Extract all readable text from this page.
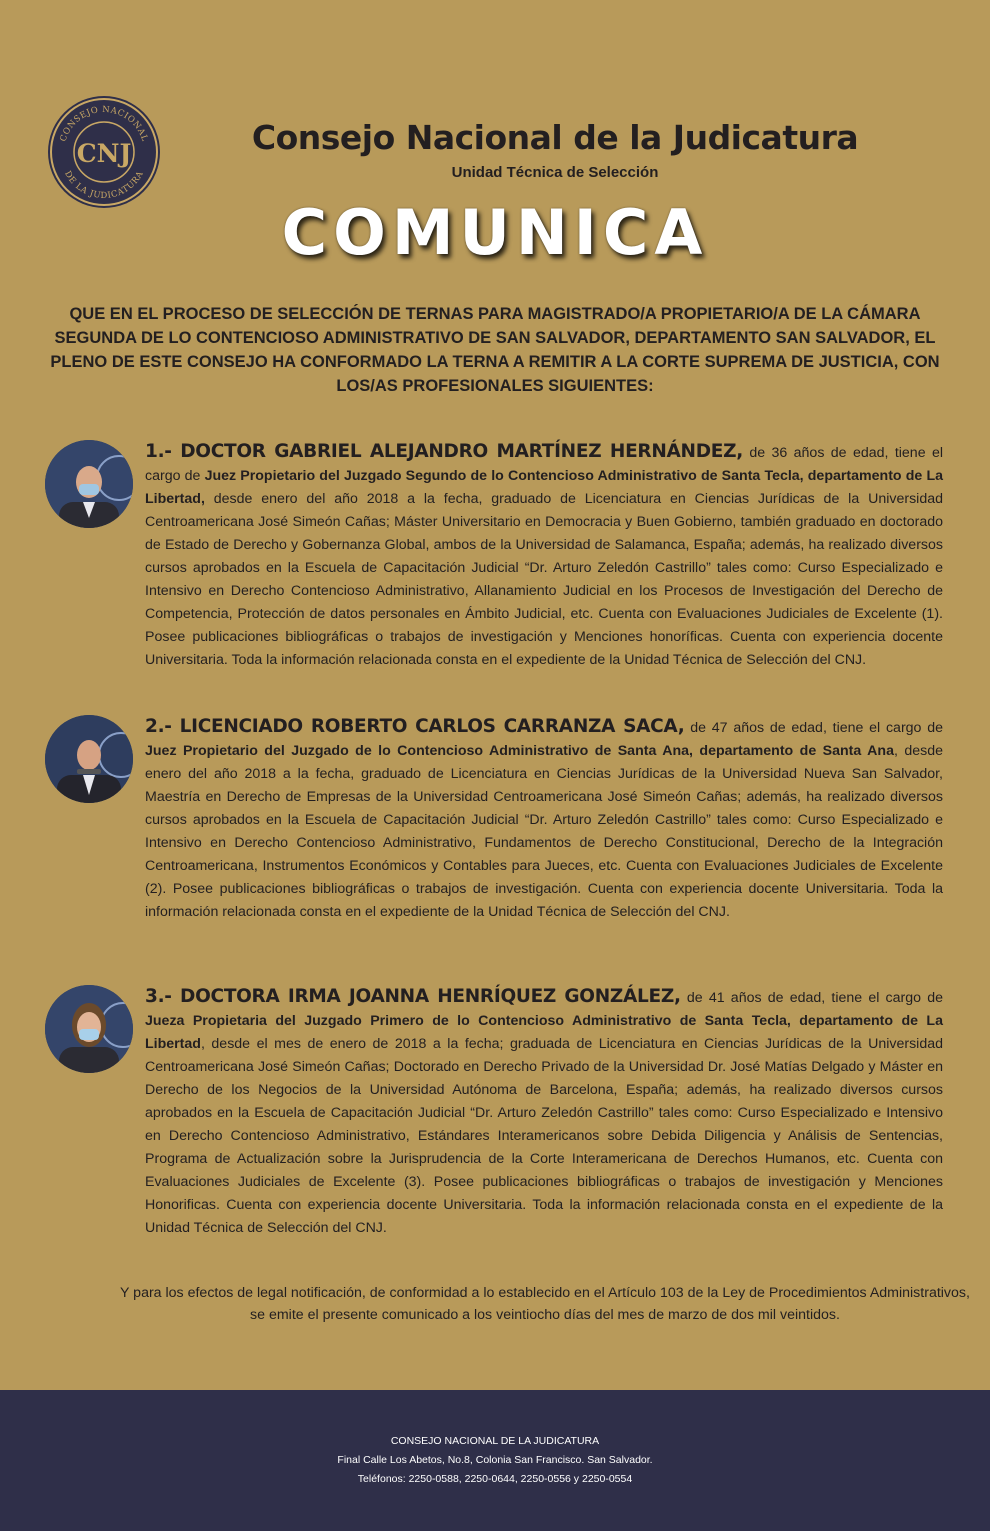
CONSEJO NACIONAL
DE LA JUDICATURA
CNJ	Consejo Nacional de la Judicatura
Unidad Técnica de Selección
COMUNICA
QUE EN EL PROCESO DE SELECCIÓN DE TERNAS PARA MAGISTRADO/A PROPIETARIO/A DE LA CÁMARA SEGUNDA DE LO CONTENCIOSO ADMINISTRATIVO DE SAN SALVADOR, DEPARTAMENTO SAN SALVADOR, EL PLENO DE ESTE CONSEJO HA CONFORMADO LA TERNA A REMITIR A LA CORTE SUPREMA DE JUSTICIA, CON LOS/AS PROFESIONALES SIGUIENTES:
1.- DOCTOR GABRIEL ALEJANDRO MARTÍNEZ HERNÁNDEZ, de 36 años de edad, tiene el cargo de Juez Propietario del Juzgado Segundo de lo Contencioso Administrativo de Santa Tecla, departamento de La Libertad, desde enero del año 2018 a la fecha, graduado de Licenciatura en Ciencias Jurídicas de la Universidad Centroamericana José Simeón Cañas; Máster Universitario en Democracia y Buen Gobierno, también graduado en doctorado de Estado de Derecho y Gobernanza Global, ambos de la Universidad de Salamanca, España; además, ha realizado diversos cursos aprobados en la Escuela de Capacitación Judicial “Dr. Arturo Zeledón Castrillo” tales como: Curso Especializado e Intensivo en Derecho Contencioso Administrativo, Allanamiento Judicial en los Procesos de Investigación del Derecho de Competencia, Protección de datos personales en Ámbito Judicial, etc. Cuenta con Evaluaciones Judiciales de Excelente (1). Posee publicaciones bibliográficas o trabajos de investigación y Menciones honoríficas. Cuenta con experiencia docente Universitaria. Toda la información relacionada consta en el expediente de la Unidad Técnica de Selección del CNJ.
2.- LICENCIADO ROBERTO CARLOS CARRANZA SACA, de 47 años de edad, tiene el cargo de Juez Propietario del Juzgado de lo Contencioso Administrativo de Santa Ana, departamento de Santa Ana, desde enero del año 2018 a la fecha, graduado de Licenciatura en Ciencias Jurídicas de la Universidad Nueva San Salvador, Maestría en Derecho de Empresas de la Universidad Centroamericana José Simeón Cañas; además, ha realizado diversos cursos aprobados en la Escuela de Capacitación Judicial “Dr. Arturo Zeledón Castrillo” tales como: Curso Especializado e Intensivo en Derecho Contencioso Administrativo, Fundamentos de Derecho Constitucional, Derecho de la Integración Centroamericana, Instrumentos Económicos y Contables para Jueces, etc. Cuenta con Evaluaciones Judiciales de Excelente (2). Posee publicaciones bibliográficas o trabajos de investigación. Cuenta con experiencia docente Universitaria. Toda la información relacionada consta en el expediente de la Unidad Técnica de Selección del CNJ.
3.- DOCTORA IRMA JOANNA HENRÍQUEZ GONZÁLEZ, de 41 años de edad, tiene el cargo de Jueza Propietaria del Juzgado Primero de lo Contencioso Administrativo de Santa Tecla, departamento de La Libertad, desde el mes de enero de 2018 a la fecha; graduada de Licenciatura en Ciencias Jurídicas de la Universidad Centroamericana José Simeón Cañas; Doctorado en Derecho Privado de la Universidad Dr. José Matías Delgado y Máster en Derecho de los Negocios de la Universidad Autónoma de Barcelona, España; además, ha realizado diversos cursos aprobados en la Escuela de Capacitación Judicial “Dr. Arturo Zeledón Castrillo” tales como: Curso Especializado e Intensivo en Derecho Contencioso Administrativo, Estándares Interamericanos sobre Debida Diligencia y Análisis de Sentencias, Programa de Actualización sobre la Jurisprudencia de la Corte Interamericana de Derechos Humanos, etc. Cuenta con Evaluaciones Judiciales de Excelente (3). Posee publicaciones bibliográficas o trabajos de investigación y Menciones Honorificas. Cuenta con experiencia docente Universitaria. Toda la información relacionada consta en el expediente de la Unidad Técnica de Selección del CNJ.
Y para los efectos de legal notificación, de conformidad a lo establecido en el Artículo 103 de la Ley de Procedimientos Administrativos, se emite el presente comunicado a los veintiocho días del mes de marzo de dos mil veintidos.
CONSEJO NACIONAL DE LA JUDICATURA
Final Calle Los Abetos, No.8, Colonia San Francisco. San Salvador.
Teléfonos: 2250-0588, 2250-0644, 2250-0556 y 2250-0554
